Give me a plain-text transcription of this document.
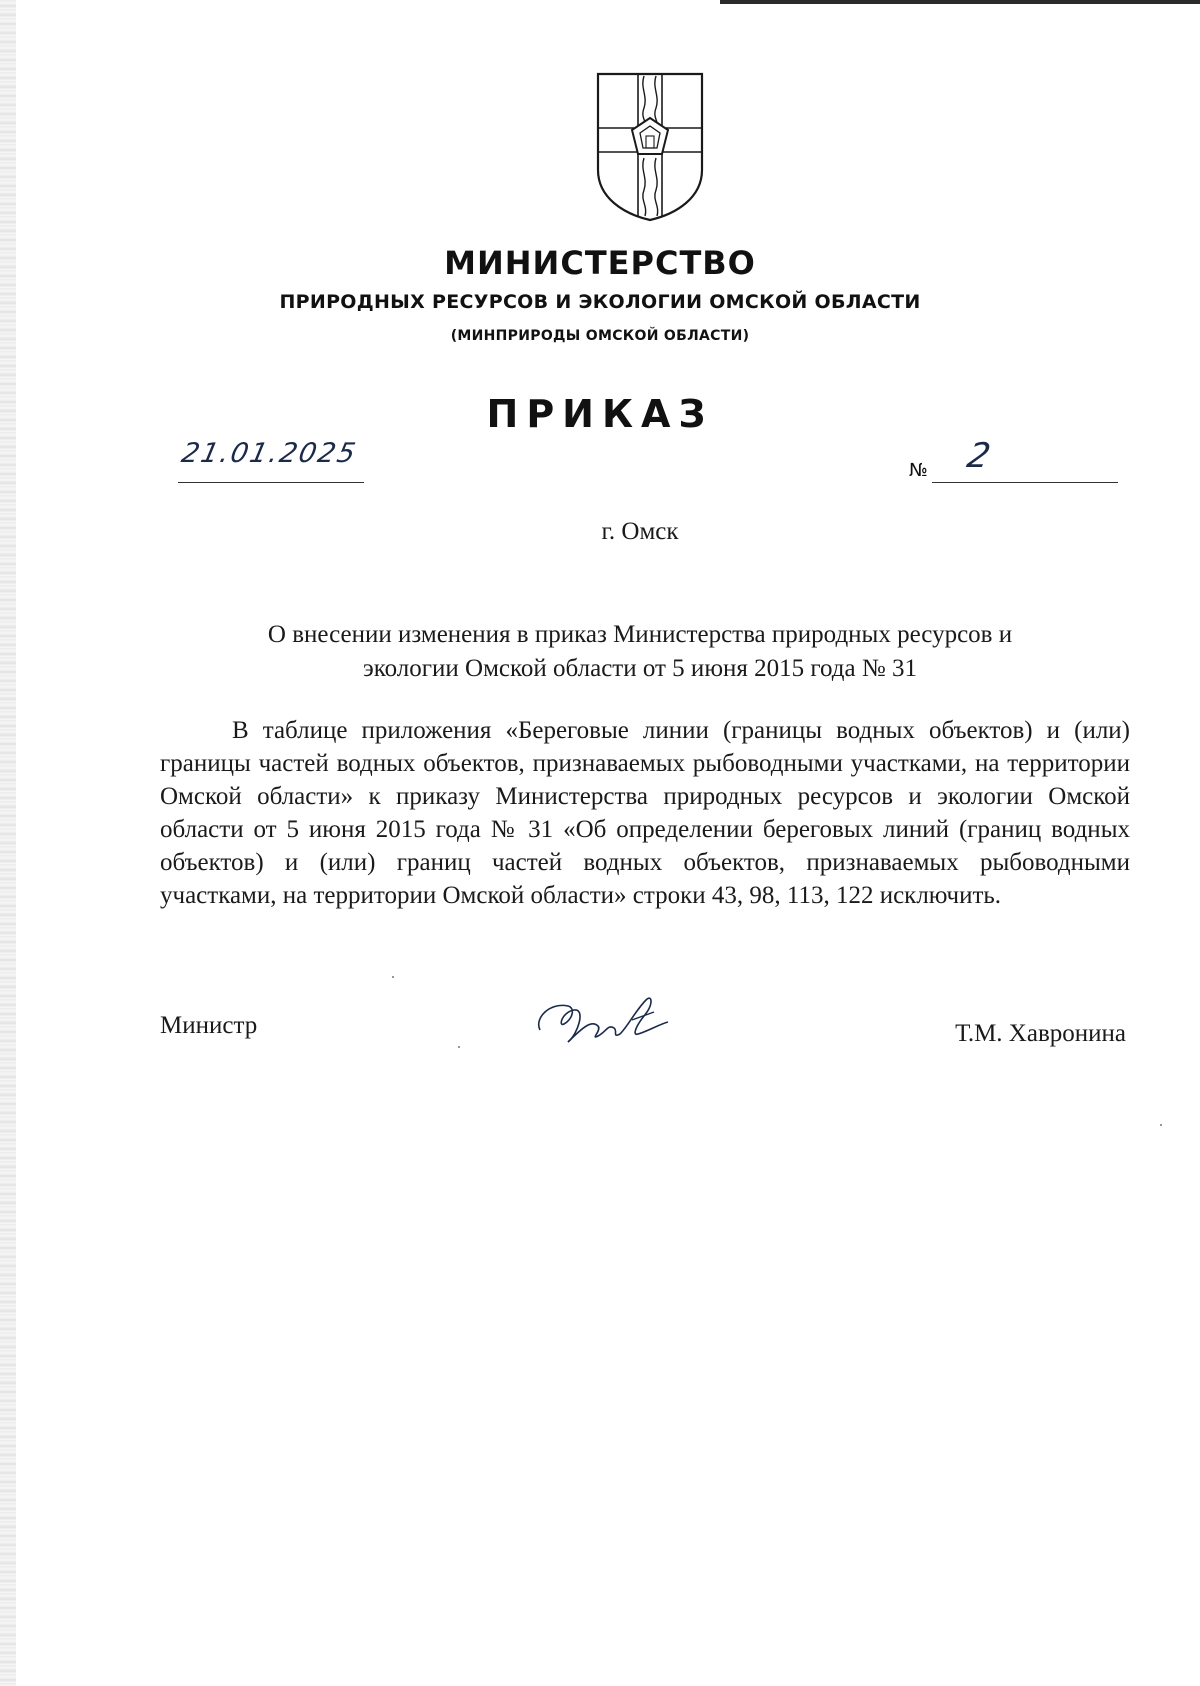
МИНИСТЕРСТВО
ПРИРОДНЫХ РЕСУРСОВ И ЭКОЛОГИИ ОМСКОЙ ОБЛАСТИ
(МИНПРИРОДЫ ОМСКОЙ ОБЛАСТИ)
ПРИКАЗ
21.01.2025
№ 2
г. Омск
О внесении изменения в приказ Министерства природных ресурсов и
экологии Омской области от 5 июня 2015 года № 31

В таблице приложения «Береговые линии (границы водных объектов) и (или) границы частей водных объектов, признаваемых рыбоводными участками, на территории Омской области» к приказу Министерства природных ресурсов и экологии Омской области от 5 июня 2015 года № 31 «Об определении береговых линий (границ водных объектов) и (или) границ частей водных объектов, признаваемых рыбоводными участками, на территории Омской области» строки 43, 98, 113, 122 исключить.

Министр	Т.М. Хавронина
